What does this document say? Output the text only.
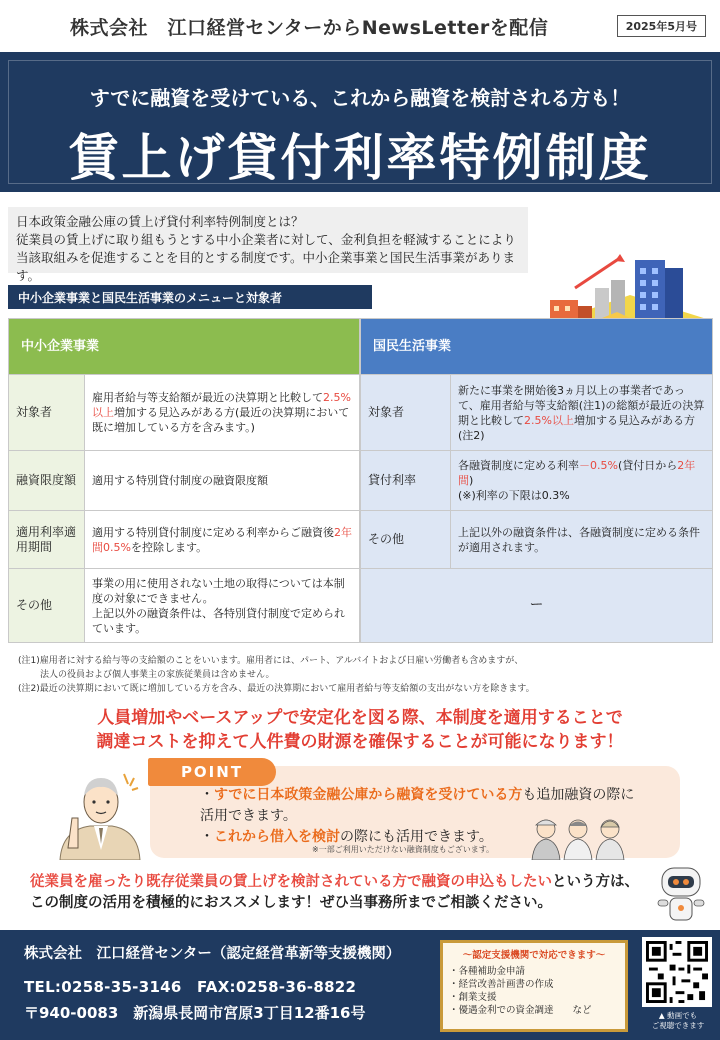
株式会社　江口経営センターからNewsLetterを配信	2025年5月号
すでに融資を受けている、これから融資を検討される方も！
賃上げ貸付利率特例制度
日本政策金融公庫の賃上げ貸付利率特例制度とは？
従業員の賃上げに取り組もうとする中小企業者に対して、金利負担を軽減することにより当該取組みを促進することを目的とする制度です。中小企業事業と国民生活事業があります。
中小企業事業と国民生活事業のメニューと対象者
中小企業事業	
対象者	雇用者給与等支給額が最近の決算期と比較して2.5%以上増加する見込みがある方(最近の決算期において既に増加している方を含みます。)
融資限度額	適用する特別貸付制度の融資限度額
適用利率適用期間	適用する特別貸付制度に定める利率からご融資後2年間0.5%を控除します。
その他	事業の用に使用されない土地の取得については本制度の対象にできません。
上記以外の融資条件は、各特別貸付制度で定められています。
国民生活事業	
対象者	新たに事業を開始後3ヵ月以上の事業者であって、雇用者給与等支給額(注1)の総額が最近の決算期と比較して2.5%以上増加する見込みがある方(注2)
貸付利率	各融資制度に定める利率－0.5%(貸付日から2年間)
(※)利率の下限は0.3%

その他	上記以外の融資条件は、各融資制度に定める条件が適用されます。
ー	
(注1)雇用者に対する給与等の支給額のことをいいます。雇用者には、パート、アルバイトおよび日雇い労働者も含めますが、
法人の役員および個人事業主の家族従業員は含めません。
(注2)最近の決算期において既に増加している方を含み、最近の決算期において雇用者給与等支給額の支出がない方を除きます。
人員増加やベースアップで安定化を図る際、本制度を適用することで
調達コストを抑えて人件費の財源を確保することが可能になります！
POINT
・すでに日本政策金融公庫から融資を受けている方も追加融資の際に活用できます。
・これから借入を検討の際にも活用できます。
※一部ご利用いただけない融資制度もございます。
従業員を雇ったり既存従業員の賃上げを検討されている方で融資の申込もしたいという方は、この制度の活用を積極的におススメします！ぜひ当事務所までご相談ください。
株式会社　江口経営センター（認定経営革新等支援機関）
TEL:0258-35-3146　FAX:0258-36-8822
〒940-0083　新潟県長岡市宮原3丁目12番16号
～認定支援機関で対応できます～
・各種補助金申請
・経営改善計画書の作成
・創業支援
・優遇金利での資金調達　　など	▲ 動画でも
ご視聴できます
